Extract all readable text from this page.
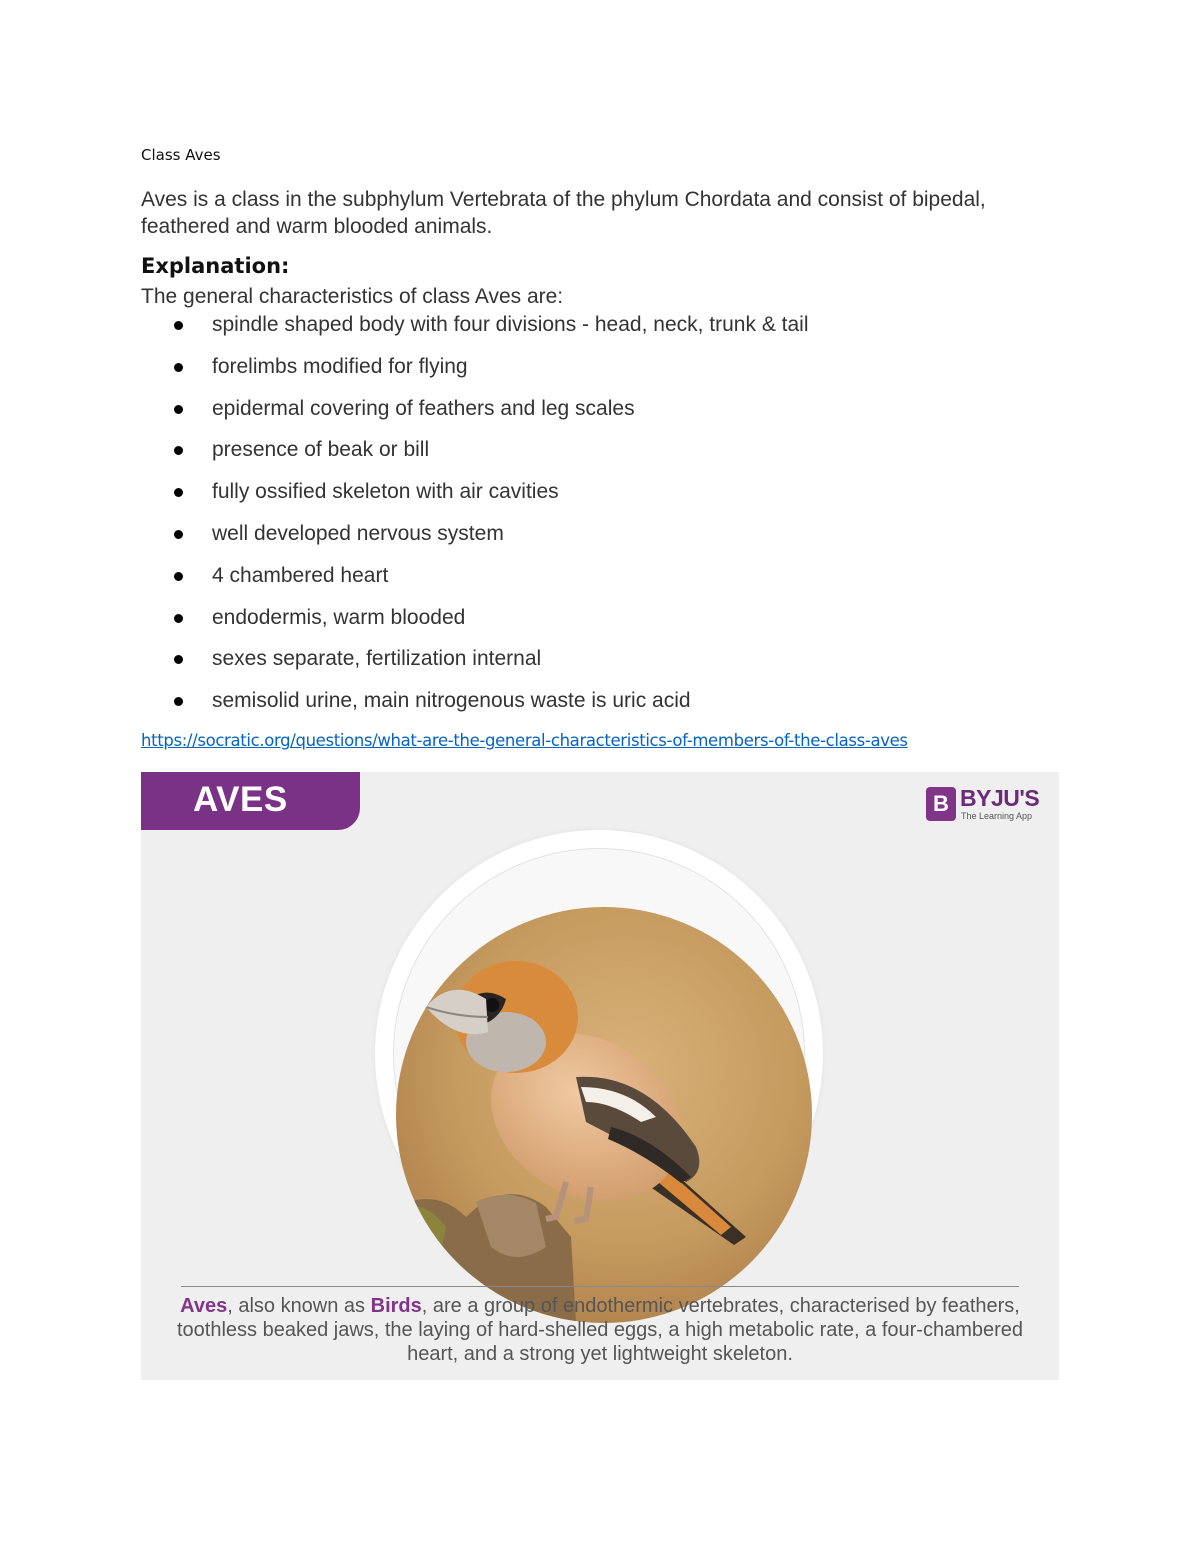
Class Aves

Aves is a class in the subphylum Vertebrata of the phylum Chordata and consist of bipedal, feathered and warm blooded animals.

Explanation:

The general characteristics of class Aves are:

spindle shaped body with four divisions - head, neck, trunk & tail
forelimbs modified for flying
epidermal covering of feathers and leg scales
presence of beak or bill
fully ossified skeleton with air cavities
well developed nervous system
4 chambered heart
endodermis, warm blooded
sexes separate, fertilization internal
semisolid urine, main nitrogenous waste is uric acid
https://socratic.org/questions/what-are-the-general-characteristics-of-members-of-the-class-aves
AVES	B BYJU'S
The Learning App

Aves, also known as Birds, are a group of endothermic vertebrates, characterised by feathers, toothless beaked jaws, the laying of hard-shelled eggs, a high metabolic rate, a four-chambered heart, and a strong yet lightweight skeleton.
